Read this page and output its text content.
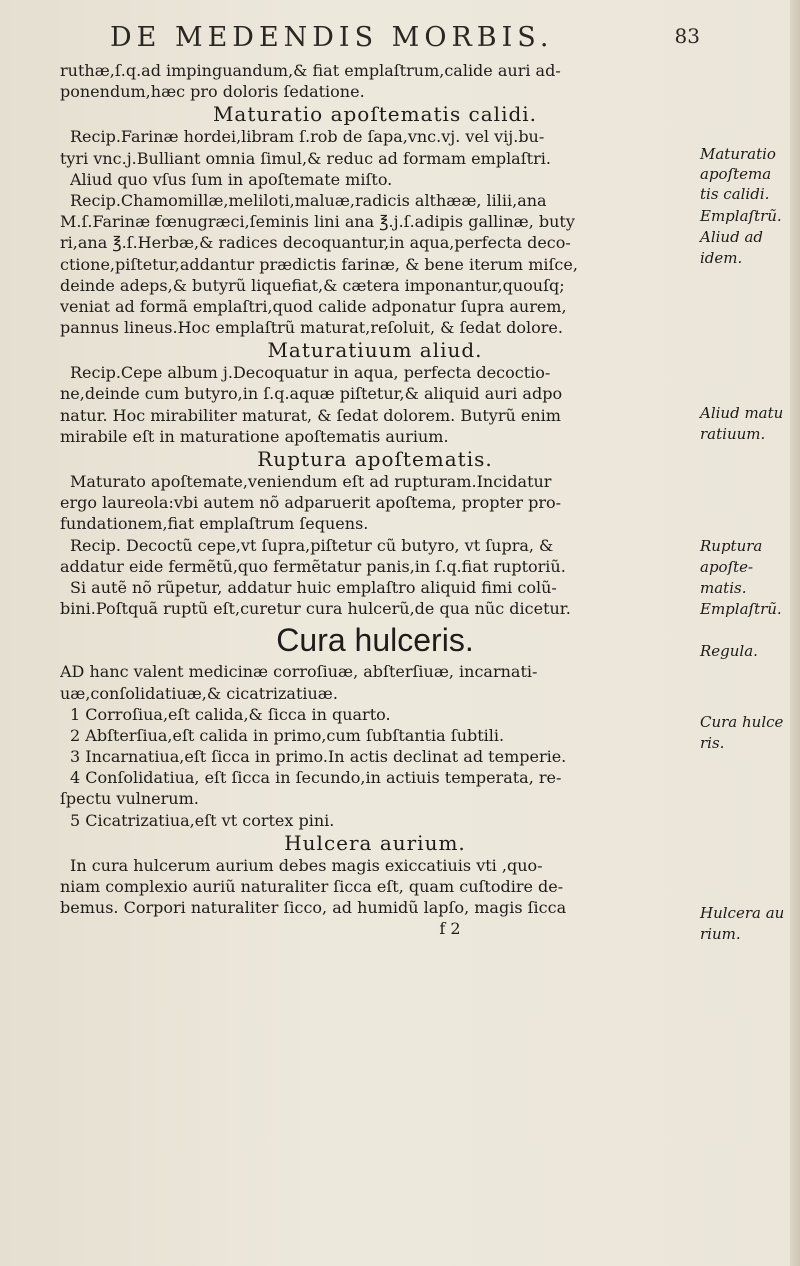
DE MEDENDIS MORBIS.	83
ruthæ,ſ.q.ad impinguandum,& fiat emplaſtrum,calide auri ad-
ponendum,hæc pro doloris ſedatione.
Maturatio apoſtematis calidi.
Recip.Farinæ hordei,libram ſ.rob de ſapa,vnc.vj. vel vij.bu-
tyri vnc.j.Bulliant omnia ſimul,& reduc ad formam emplaſtri.
Aliud quo vſus ſum in apoſtemate miſto.
Recip.Chamomillæ,meliloti,maluæ,radicis althææ, lilii,ana
M.ſ.Farinæ fœnugræci,ſeminis lini ana ℥.j.ſ.adipis gallinæ, buty
ri,ana ℥.ſ.Herbæ,& radices decoquantur,in aqua,perfecta deco-
ctione,piſtetur,addantur prædictis farinæ, & bene iterum miſce,
deinde adeps,& butyrũ liquefiat,& cætera imponantur,quouſq;
veniat ad formã emplaſtri,quod calide adponatur ſupra aurem,
pannus lineus.Hoc emplaſtrũ maturat,reſoluit, & ſedat dolore.
Maturatiuum aliud.
Recip.Cepe album j.Decoquatur in aqua, perfecta decoctio-
ne,deinde cum butyro,in ſ.q.aquæ piſtetur,& aliquid auri adpo
natur. Hoc mirabiliter maturat, & ſedat dolorem. Butyrũ enim
mirabile eſt in maturatione apoſtematis aurium.
Ruptura apoſtematis.
Maturato apoſtemate,veniendum eſt ad rupturam.Incidatur
ergo laureola:vbi autem nõ adparuerit apoſtema, propter pro-
fundationem,fiat emplaſtrum ſequens.
Recip. Decoctũ cepe,vt ſupra,piſtetur cũ butyro, vt ſupra, &
addatur eide fermẽtũ,quo fermẽtatur panis,in ſ.q.fiat ruptoriũ.
Si autẽ nõ rũpetur, addatur huic emplaſtro aliquid fimi colũ-
bini.Poſtquã ruptũ eſt,curetur cura hulcerũ,de qua nũc dicetur.
Cura hulceris.
AD hanc valent medicinæ corroſiuæ, abſterſiuæ, incarnati-
uæ,conſolidatiuæ,& cicatrizatiuæ.
1 Corroſiua,eſt calida,& ſicca in quarto.
2 Abſterſiua,eſt calida in primo,cum ſubſtantia ſubtili.
3 Incarnatiua,eſt ſicca in primo.In actis declinat ad temperie.
4 Conſolidatiua, eſt ſicca in ſecundo,in actiuis temperata, re-
ſpectu vulnerum.
5 Cicatrizatiua,eſt vt cortex pini.
Hulcera aurium.
In cura hulcerum aurium debes magis exiccatiuis vti ,quo-
niam complexio auriũ naturaliter ſicca eſt, quam cuſtodire de-
bemus. Corpori naturaliter ſicco, ad humidũ lapſo, magis ſicca
f 2
Maturatio
apoſtema
tis calidi.
Emplaſtrũ.
Aliud ad
idem.
Aliud matu
ratiuum.
Ruptura
apoſte-
matis.
Emplaſtrũ.
Regula.
Cura hulce
ris.
Hulcera au
rium.
